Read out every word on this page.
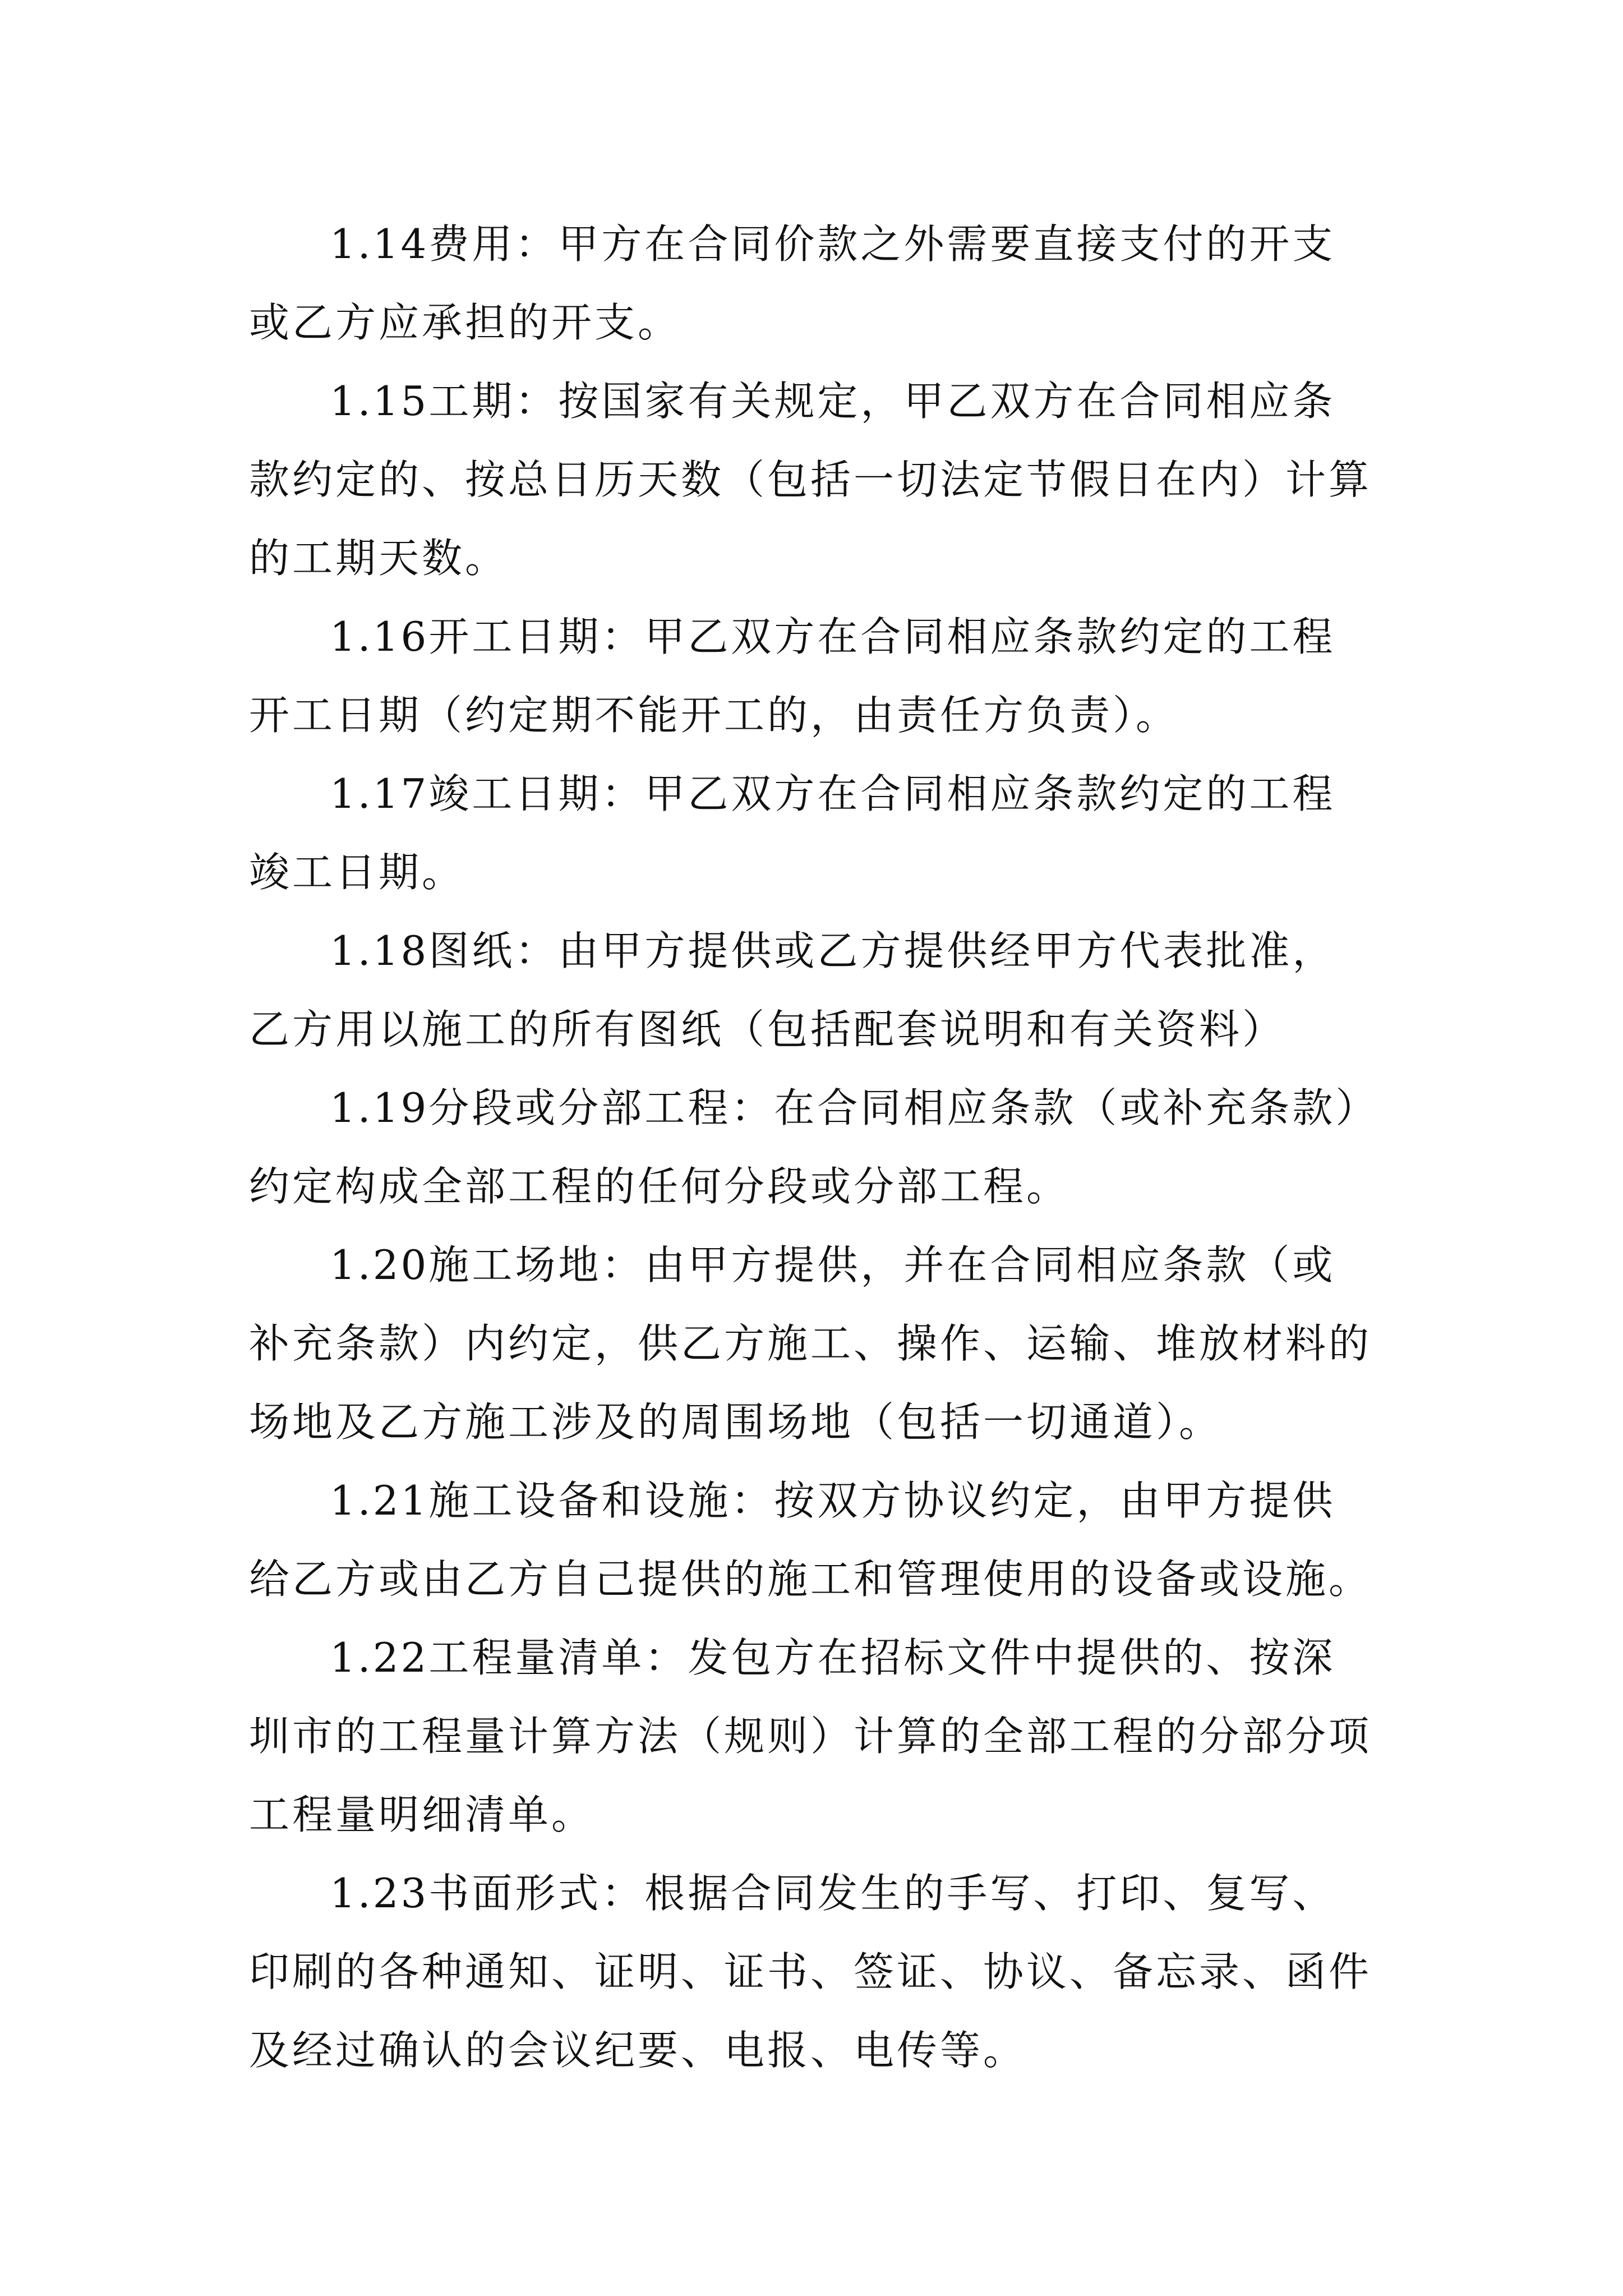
1.14费用：甲方在合同价款之外需要直接支付的开支或乙方应承担的开支。

1.15工期：按国家有关规定，甲乙双方在合同相应条款约定的、按总日历天数（包括一切法定节假日在内）计算的工期天数。

1.16开工日期：甲乙双方在合同相应条款约定的工程开工日期（约定期不能开工的，由责任方负责）。

1.17竣工日期：甲乙双方在合同相应条款约定的工程竣工日期。

1.18图纸：由甲方提供或乙方提供经甲方代表批准，乙方用以施工的所有图纸（包括配套说明和有关资料）

1.19分段或分部工程：在合同相应条款（或补充条款）约定构成全部工程的任何分段或分部工程。

1.20施工场地：由甲方提供，并在合同相应条款（或补充条款）内约定，供乙方施工、操作、运输、堆放材料的场地及乙方施工涉及的周围场地（包括一切通道）。

1.21施工设备和设施：按双方协议约定，由甲方提供给乙方或由乙方自己提供的施工和管理使用的设备或设施。

1.22工程量清单：发包方在招标文件中提供的、按深圳市的工程量计算方法（规则）计算的全部工程的分部分项工程量明细清单。

1.23书面形式：根据合同发生的手写、打印、复写、印刷的各种通知、证明、证书、签证、协议、备忘录、函件及经过确认的会议纪要、电报、电传等。
